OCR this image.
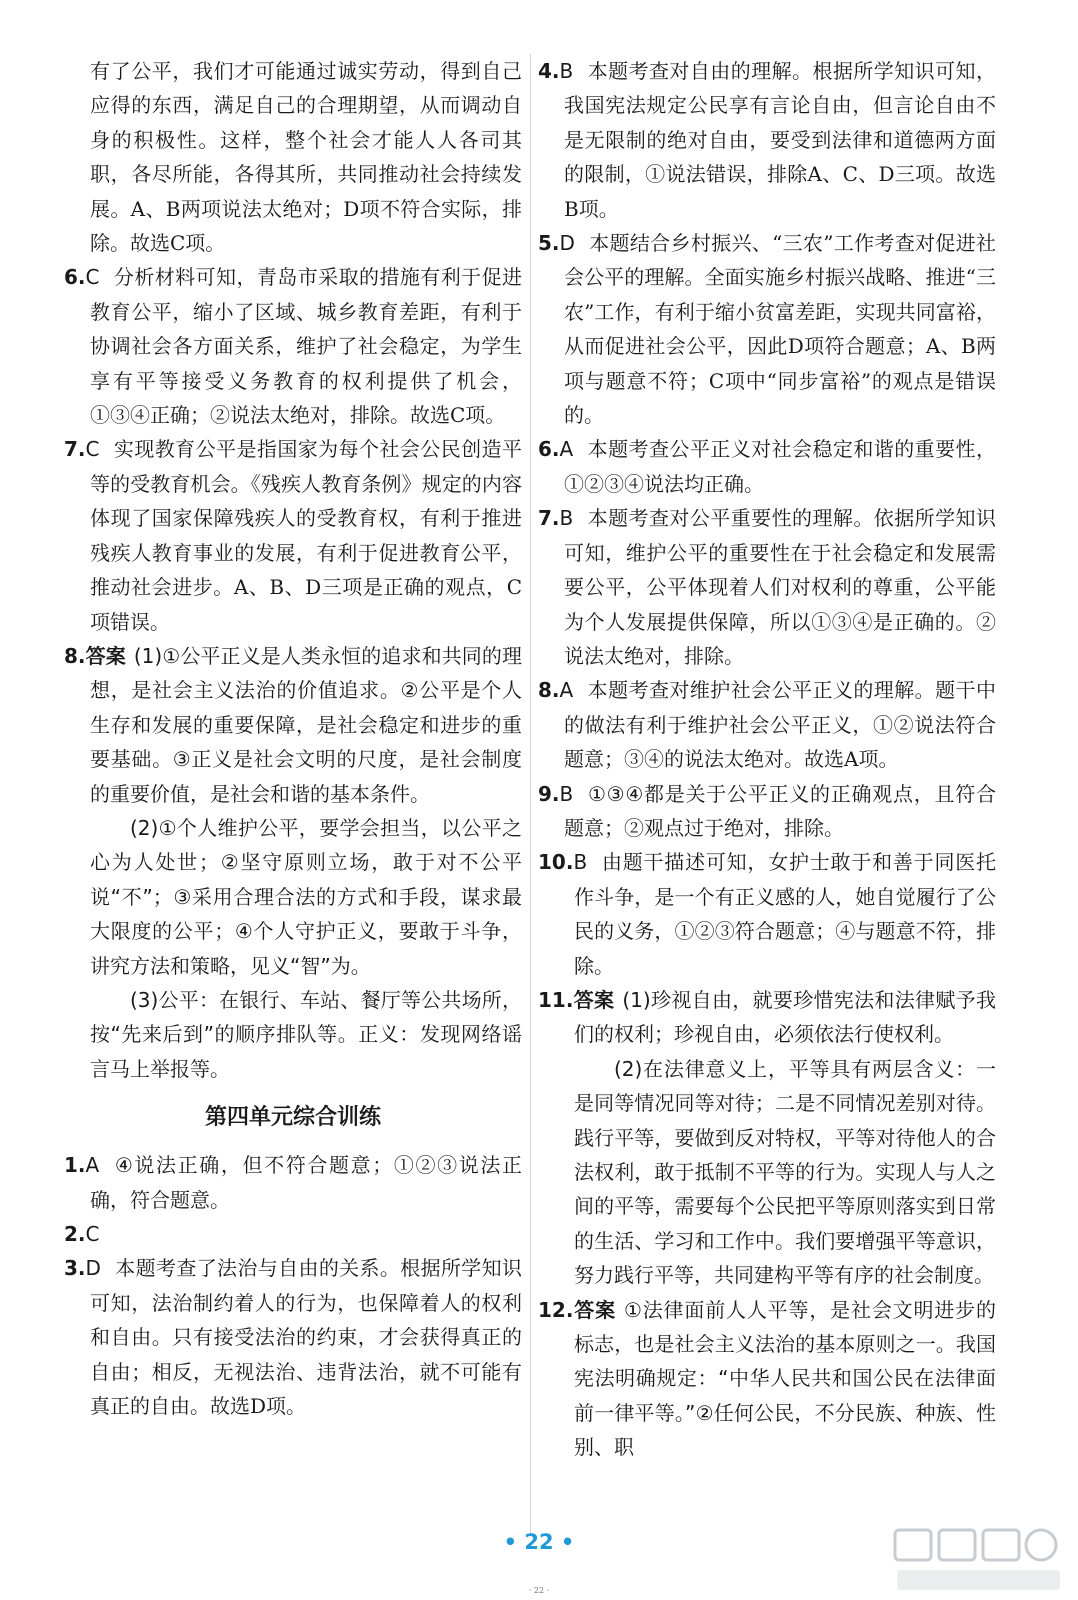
有了公平，我们才可能通过诚实劳动，得到自己应得的东西，满足自己的合理期望，从而调动自身的积极性。这样，整个社会才能人人各司其职，各尽所能，各得其所，共同推动社会持续发展。A、B两项说法太绝对；D项不符合实际，排除。故选C项。

6.C 分析材料可知，青岛市采取的措施有利于促进教育公平，缩小了区域、城乡教育差距，有利于协调社会各方面关系，维护了社会稳定，为学生享有平等接受义务教育的权利提供了机会，①③④正确；②说法太绝对，排除。故选C项。

7.C 实现教育公平是指国家为每个社会公民创造平等的受教育机会。《残疾人教育条例》规定的内容体现了国家保障残疾人的受教育权，有利于推进残疾人教育事业的发展，有利于促进教育公平，推动社会进步。A、B、D三项是正确的观点，C项错误。

8.答案 (1)①公平正义是人类永恒的追求和共同的理想，是社会主义法治的价值追求。②公平是个人生存和发展的重要保障，是社会稳定和进步的重要基础。③正义是社会文明的尺度，是社会制度的重要价值，是社会和谐的基本条件。

(2)①个人维护公平，要学会担当，以公平之心为人处世；②坚守原则立场，敢于对不公平说“不”；③采用合理合法的方式和手段，谋求最大限度的公平；④个人守护正义，要敢于斗争，讲究方法和策略，见义“智”为。

(3)公平：在银行、车站、餐厅等公共场所，按“先来后到”的顺序排队等。正义：发现网络谣言马上举报等。

第四单元综合训练

1.A ④说法正确，但不符合题意；①②③说法正确，符合题意。

2.C

3.D 本题考查了法治与自由的关系。根据所学知识可知，法治制约着人的行为，也保障着人的权利和自由。只有接受法治的约束，才会获得真正的自由；相反，无视法治、违背法治，就不可能有真正的自由。故选D项。

4.B 本题考查对自由的理解。根据所学知识可知，我国宪法规定公民享有言论自由，但言论自由不是无限制的绝对自由，要受到法律和道德两方面的限制，①说法错误，排除A、C、D三项。故选B项。

5.D 本题结合乡村振兴、“三农”工作考查对促进社会公平的理解。全面实施乡村振兴战略、推进“三农”工作，有利于缩小贫富差距，实现共同富裕，从而促进社会公平，因此D项符合题意；A、B两项与题意不符；C项中“同步富裕”的观点是错误的。

6.A 本题考查公平正义对社会稳定和谐的重要性，①②③④说法均正确。

7.B 本题考查对公平重要性的理解。依据所学知识可知，维护公平的重要性在于社会稳定和发展需要公平，公平体现着人们对权利的尊重，公平能为个人发展提供保障，所以①③④是正确的。②说法太绝对，排除。

8.A 本题考查对维护社会公平正义的理解。题干中的做法有利于维护社会公平正义，①②说法符合题意；③④的说法太绝对。故选A项。

9.B ①③④都是关于公平正义的正确观点，且符合题意；②观点过于绝对，排除。

10.B 由题干描述可知，女护士敢于和善于同医托作斗争，是一个有正义感的人，她自觉履行了公民的义务，①②③符合题意；④与题意不符，排除。

11.答案 (1)珍视自由，就要珍惜宪法和法律赋予我们的权利；珍视自由，必须依法行使权利。

(2)在法律意义上，平等具有两层含义：一是同等情况同等对待；二是不同情况差别对待。践行平等，要做到反对特权，平等对待他人的合法权利，敢于抵制不平等的行为。实现人与人之间的平等，需要每个公民把平等原则落实到日常的生活、学习和工作中。我们要增强平等意识，努力践行平等，共同建构平等有序的社会制度。

12.答案 ①法律面前人人平等，是社会文明进步的标志，也是社会主义法治的基本原则之一。我国宪法明确规定：“中华人民共和国公民在法律面前一律平等。”②任何公民，不分民族、种族、性别、职

• 22 •
· 22 ·
